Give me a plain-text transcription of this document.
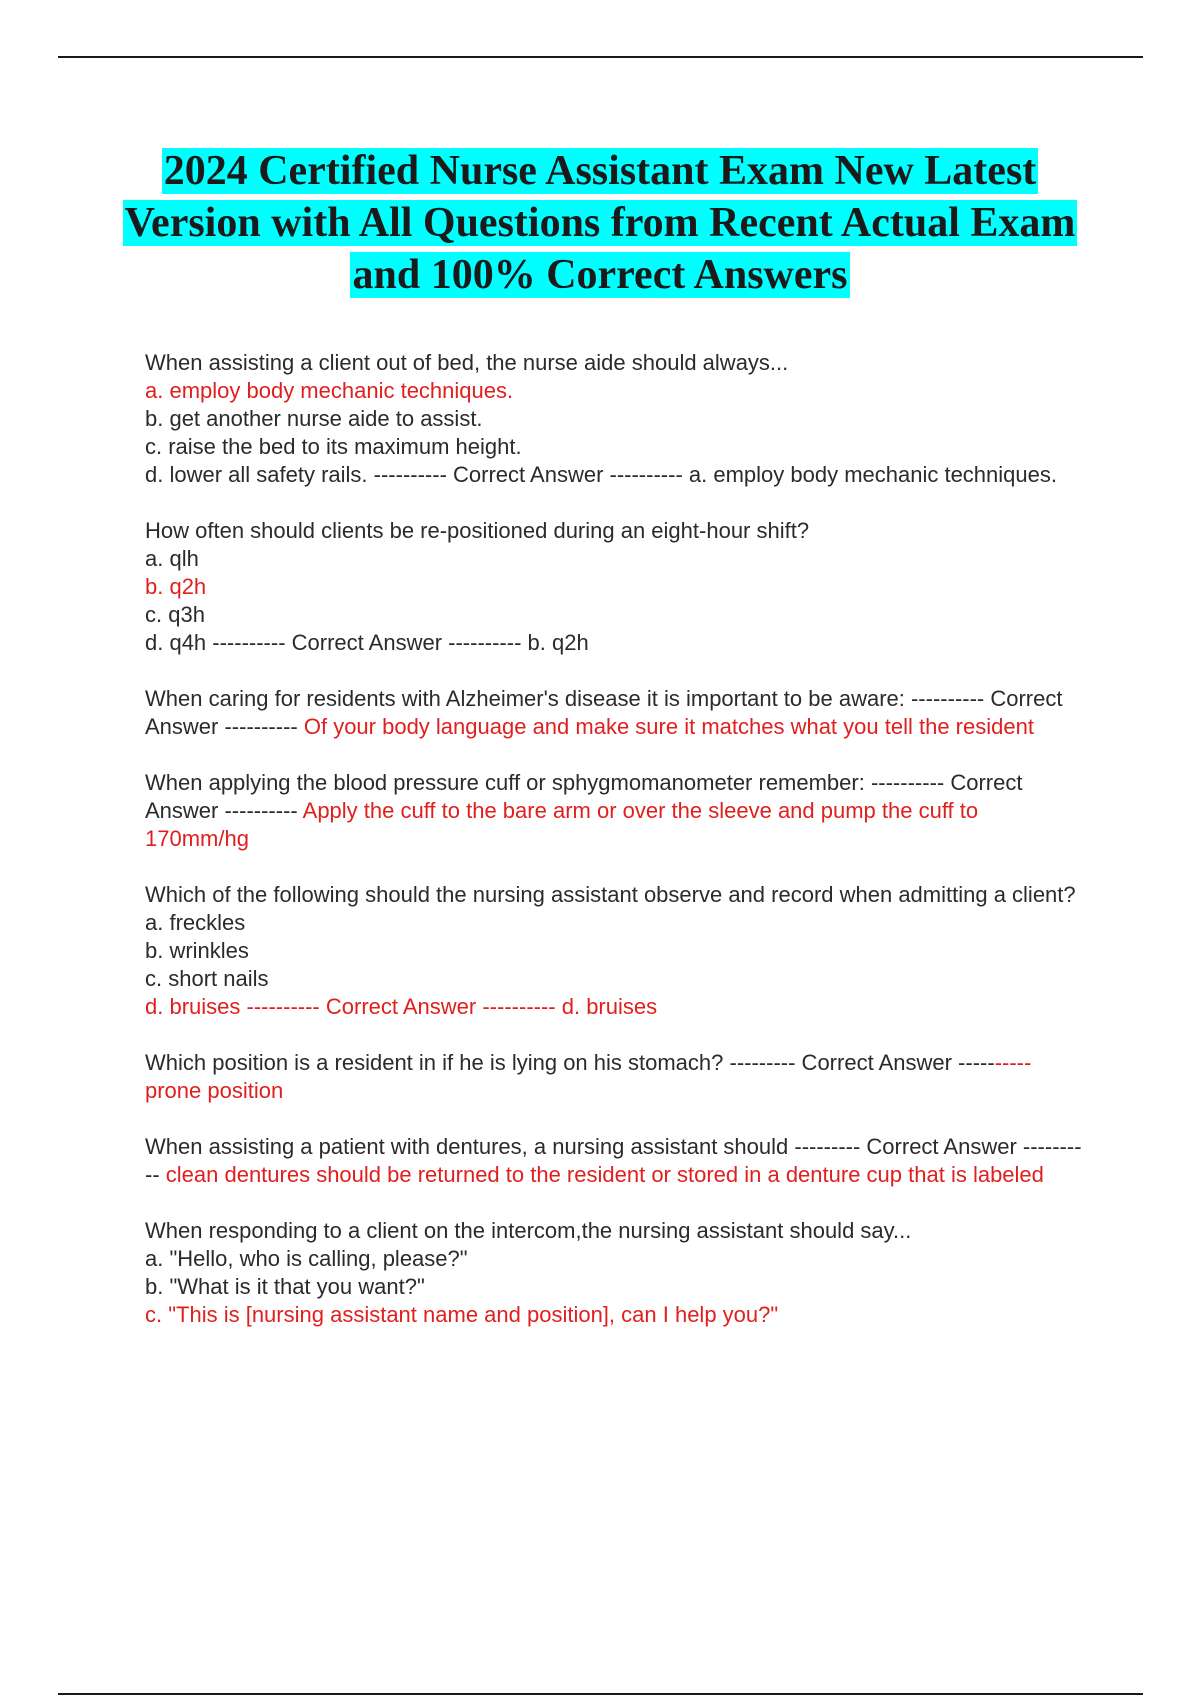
2024 Certified Nurse Assistant Exam New Latest Version with All Questions from Recent Actual Exam and 100% Correct Answers
When assisting a client out of bed, the nurse aide should always...
a. employ body mechanic techniques.
b. get another nurse aide to assist.
c. raise the bed to its maximum height.
d. lower all safety rails. ---------- Correct Answer ---------- a. employ body mechanic techniques.
How often should clients be re-positioned during an eight-hour shift?
a. qlh
b. q2h
c. q3h
d. q4h ---------- Correct Answer ---------- b. q2h
When caring for residents with Alzheimer's disease it is important to be aware: ---------- Correct Answer ---------- Of your body language and make sure it matches what you tell the resident
When applying the blood pressure cuff or sphygmomanometer remember: ---------- Correct Answer ---------- Apply the cuff to the bare arm or over the sleeve and pump the cuff to 170mm/hg
Which of the following should the nursing assistant observe and record when admitting a client?
a. freckles
b. wrinkles
c. short nails
d. bruises ---------- Correct Answer ---------- d. bruises
Which position is a resident in if he is lying on his stomach? --------- Correct Answer ---------- prone position
When assisting a patient with dentures, a nursing assistant should --------- Correct Answer ---------- clean dentures should be returned to the resident or stored in a denture cup that is labeled
When responding to a client on the intercom,the nursing assistant should say...
a. "Hello, who is calling, please?"
b. "What is it that you want?"
c. "This is [nursing assistant name and position], can I help you?"
